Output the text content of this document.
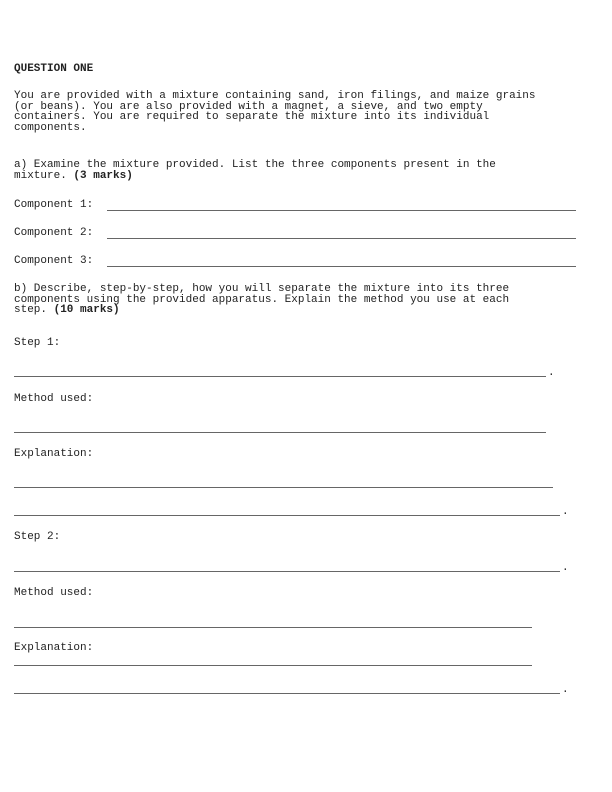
QUESTION ONE
You are provided with a mixture containing sand, iron filings, and maize grains
(or beans). You are also provided with a magnet, a sieve, and two empty
containers. You are required to separate the mixture into its individual
components.
a) Examine the mixture provided. List the three components present in the
mixture. (3 marks)
Component 1:
Component 2:
Component 3:
b) Describe, step-by-step, how you will separate the mixture into its three
components using the provided apparatus. Explain the method you use at each
step. (10 marks)
Step 1:
.
Method used:
Explanation:
.
Step 2:
.
Method used:
Explanation:
.
